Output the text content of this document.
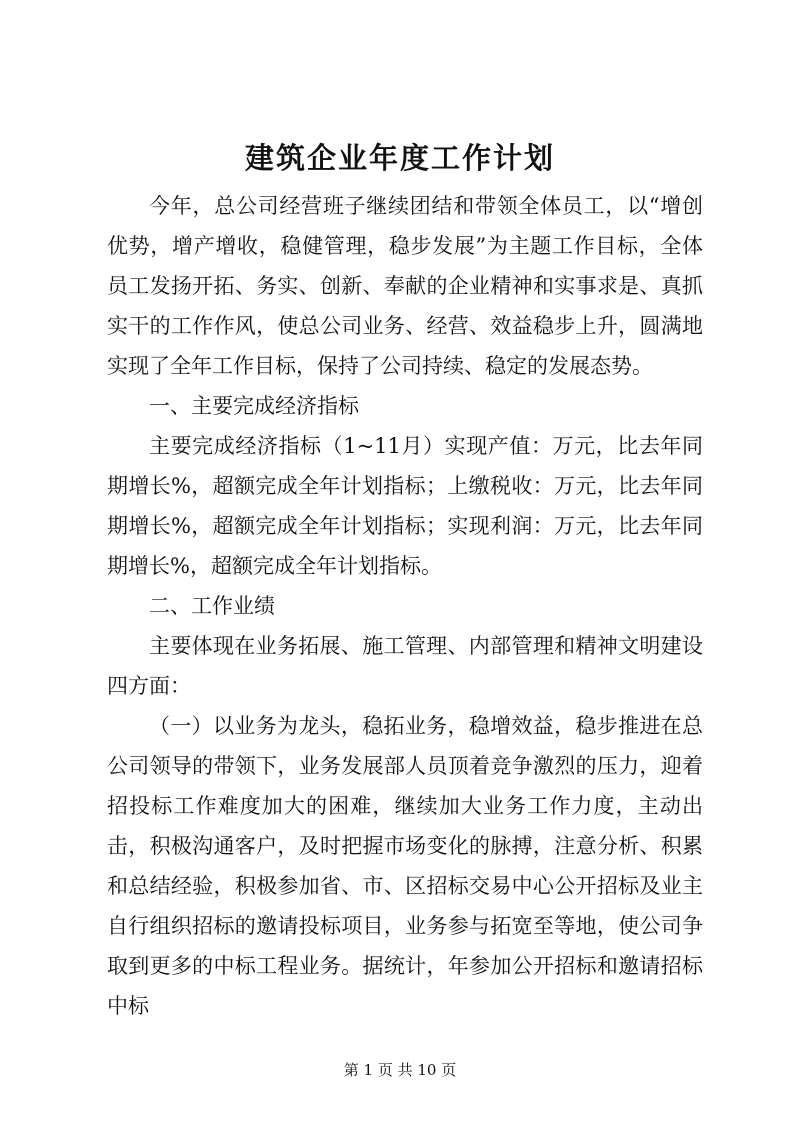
建筑企业年度工作计划

今年，总公司经营班子继续团结和带领全体员工，以“增创优势，增产增收，稳健管理，稳步发展”为主题工作目标，全体员工发扬开拓、务实、创新、奉献的企业精神和实事求是、真抓实干的工作作风，使总公司业务、经营、效益稳步上升，圆满地实现了全年工作目标，保持了公司持续、稳定的发展态势。

一、主要完成经济指标

主要完成经济指标（1~11月）实现产值：万元，比去年同期增长%，超额完成全年计划指标；上缴税收：万元，比去年同期增长%，超额完成全年计划指标；实现利润：万元，比去年同期增长%，超额完成全年计划指标。

二、工作业绩

主要体现在业务拓展、施工管理、内部管理和精神文明建设四方面：

（一）以业务为龙头，稳拓业务，稳增效益，稳步推进在总公司领导的带领下，业务发展部人员顶着竞争激烈的压力，迎着招投标工作难度加大的困难，继续加大业务工作力度，主动出击，积极沟通客户，及时把握市场变化的脉搏，注意分析、积累和总结经验，积极参加省、市、区招标交易中心公开招标及业主自行组织招标的邀请投标项目，业务参与拓宽至等地，使公司争取到更多的中标工程业务。据统计，年参加公开招标和邀请招标中标

第 1 页 共 10 页
